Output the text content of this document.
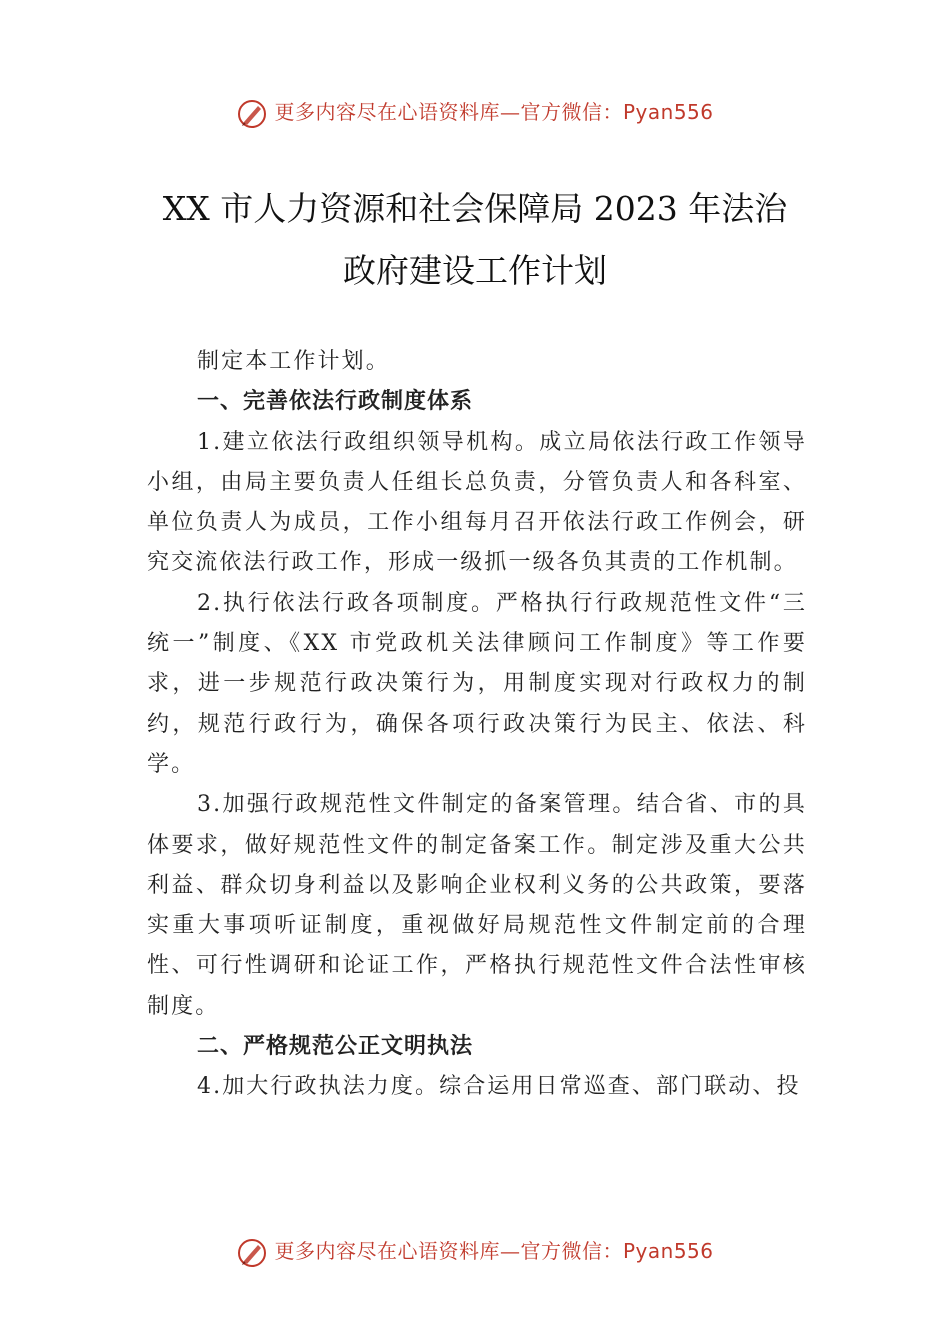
更多内容尽在心语资料库—官方微信：Pyan556
XX 市人力资源和社会保障局 2023 年法治
政府建设工作计划

制定本工作计划。

一、完善依法行政制度体系

1.建立依法行政组织领导机构。成立局依法行政工作领导小组，由局主要负责人任组长总负责，分管负责人和各科室、单位负责人为成员，工作小组每月召开依法行政工作例会，研究交流依法行政工作，形成一级抓一级各负其责的工作机制。

2.执行依法行政各项制度。严格执行行政规范性文件“三统一”制度、《XX 市党政机关法律顾问工作制度》等工作要求，进一步规范行政决策行为，用制度实现对行政权力的制约，规范行政行为，确保各项行政决策行为民主、依法、科学。

3.加强行政规范性文件制定的备案管理。结合省、市的具体要求，做好规范性文件的制定备案工作。制定涉及重大公共利益、群众切身利益以及影响企业权利义务的公共政策，要落实重大事项听证制度，重视做好局规范性文件制定前的合理性、可行性调研和论证工作，严格执行规范性文件合法性审核制度。

二、严格规范公正文明执法

4.加大行政执法力度。综合运用日常巡查、部门联动、投

更多内容尽在心语资料库—官方微信：Pyan556
